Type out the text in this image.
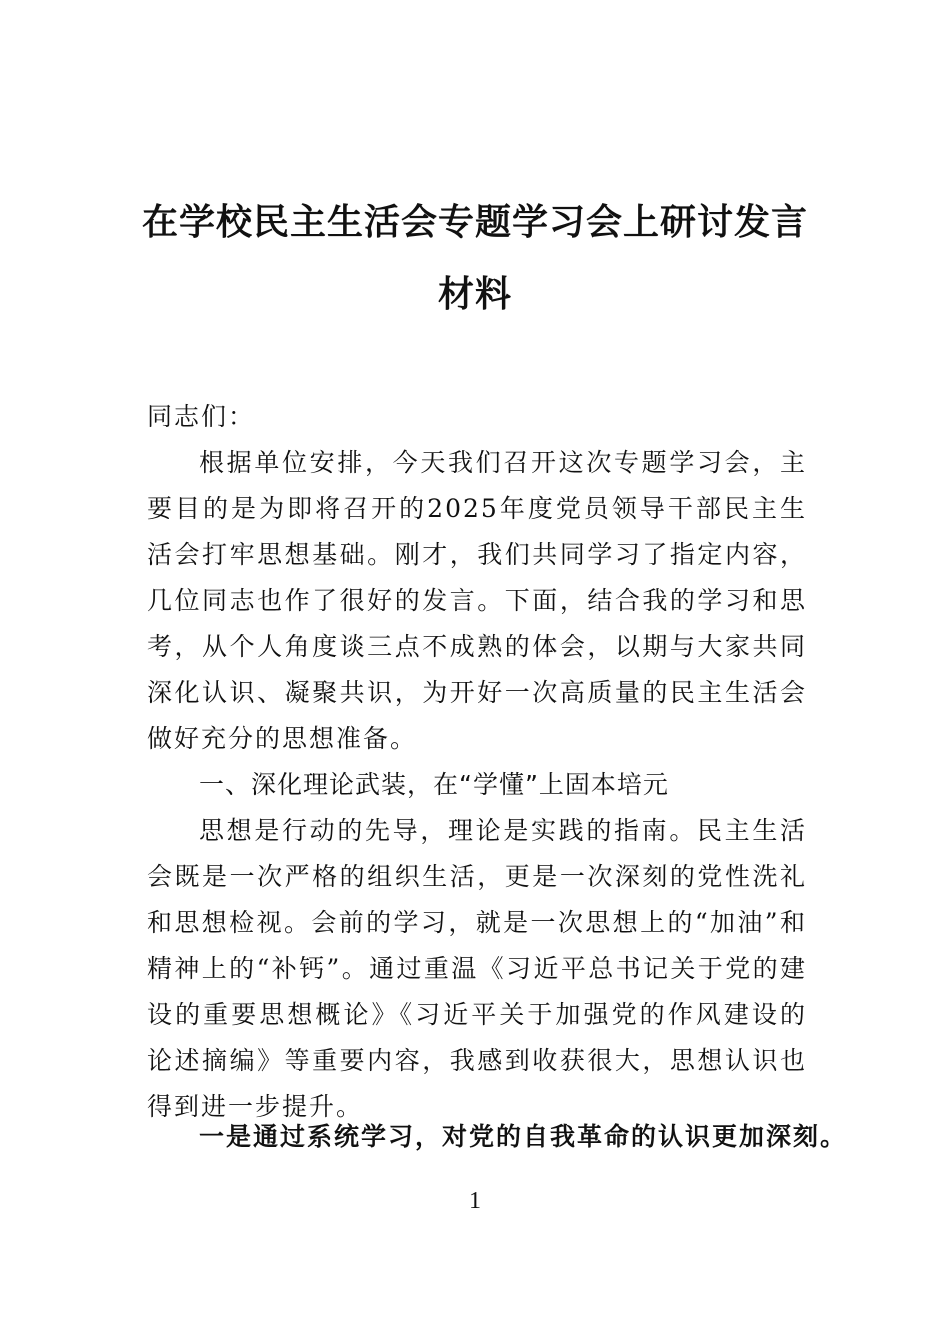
在学校民主生活会专题学习会上研讨发言
材料
同志们：

根据单位安排，今天我们召开这次专题学习会，主要目的是为即将召开的2025年度党员领导干部民主生活会打牢思想基础。刚才，我们共同学习了指定内容，几位同志也作了很好的发言。下面，结合我的学习和思考，从个人角度谈三点不成熟的体会，以期与大家共同深化认识、凝聚共识，为开好一次高质量的民主生活会做好充分的思想准备。

一、深化理论武装，在“学懂”上固本培元

思想是行动的先导，理论是实践的指南。民主生活会既是一次严格的组织生活，更是一次深刻的党性洗礼和思想检视。会前的学习，就是一次思想上的“加油”和精神上的“补钙”。通过重温《习近平总书记关于党的建设的重要思想概论》《习近平关于加强党的作风建设的论述摘编》等重要内容，我感到收获很大，思想认识也得到进一步提升。

一是通过系统学习，对党的自我革命的认识更加深刻。
1
